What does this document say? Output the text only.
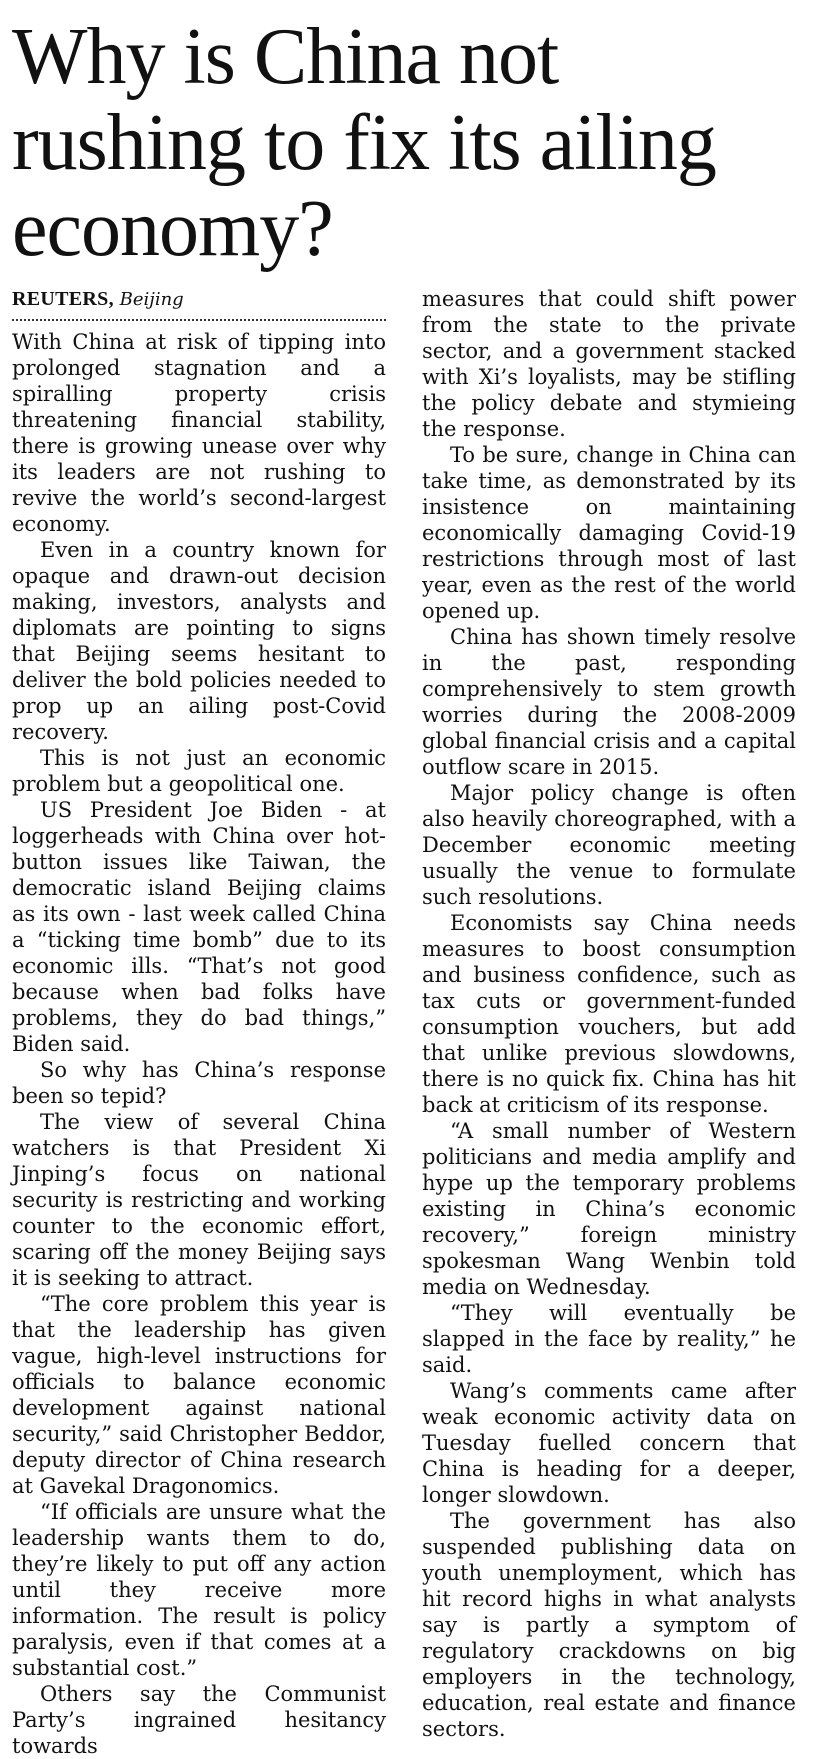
Why is China not rushing to fix its ailing economy?
REUTERS, Beijing

With China at risk of tipping into prolonged stagnation and a spiralling property crisis threatening financial stability, there is growing unease over why its leaders are not rushing to revive the world’s second-largest economy.

Even in a country known for opaque and drawn-out decision making, investors, analysts and diplomats are pointing to signs that Beijing seems hesitant to deliver the bold policies needed to prop up an ailing post-Covid recovery.

This is not just an economic problem but a geopolitical one.

US President Joe Biden - at loggerheads with China over hot-button issues like Taiwan, the democratic island Beijing claims as its own - last week called China a “ticking time bomb” due to its economic ills. “That’s not good because when bad folks have problems, they do bad things,” Biden said.

So why has China’s response been so tepid?

The view of several China watchers is that President Xi Jinping’s focus on national security is restricting and working counter to the economic effort, scaring off the money Beijing says it is seeking to attract.

“The core problem this year is that the leadership has given vague, high-level instructions for officials to balance economic development against national security,” said Christopher Beddor, deputy director of China research at Gavekal Dragonomics.

“If officials are unsure what the leadership wants them to do, they’re likely to put off any action until they receive more information. The result is policy paralysis, even if that comes at a substantial cost.”

Others say the Communist Party’s ingrained hesitancy towards

measures that could shift power from the state to the private sector, and a government stacked with Xi’s loyalists, may be stifling the policy debate and stymieing the response.

To be sure, change in China can take time, as demonstrated by its insistence on maintaining economically damaging Covid-19 restrictions through most of last year, even as the rest of the world opened up.

China has shown timely resolve in the past, responding comprehensively to stem growth worries during the 2008-2009 global financial crisis and a capital outflow scare in 2015.

Major policy change is often also heavily choreographed, with a December economic meeting usually the venue to formulate such resolutions.

Economists say China needs measures to boost consumption and business confidence, such as tax cuts or government-funded consumption vouchers, but add that unlike previous slowdowns, there is no quick fix. China has hit back at criticism of its response.

“A small number of Western politicians and media amplify and hype up the temporary problems existing in China’s economic recovery,” foreign ministry spokesman Wang Wenbin told media on Wednesday.

“They will eventually be slapped in the face by reality,” he said.

Wang’s comments came after weak economic activity data on Tuesday fuelled concern that China is heading for a deeper, longer slowdown.

The government has also suspended publishing data on youth unemployment, which has hit record highs in what analysts say is partly a symptom of regulatory crackdowns on big employers in the technology, education, real estate and finance sectors.
